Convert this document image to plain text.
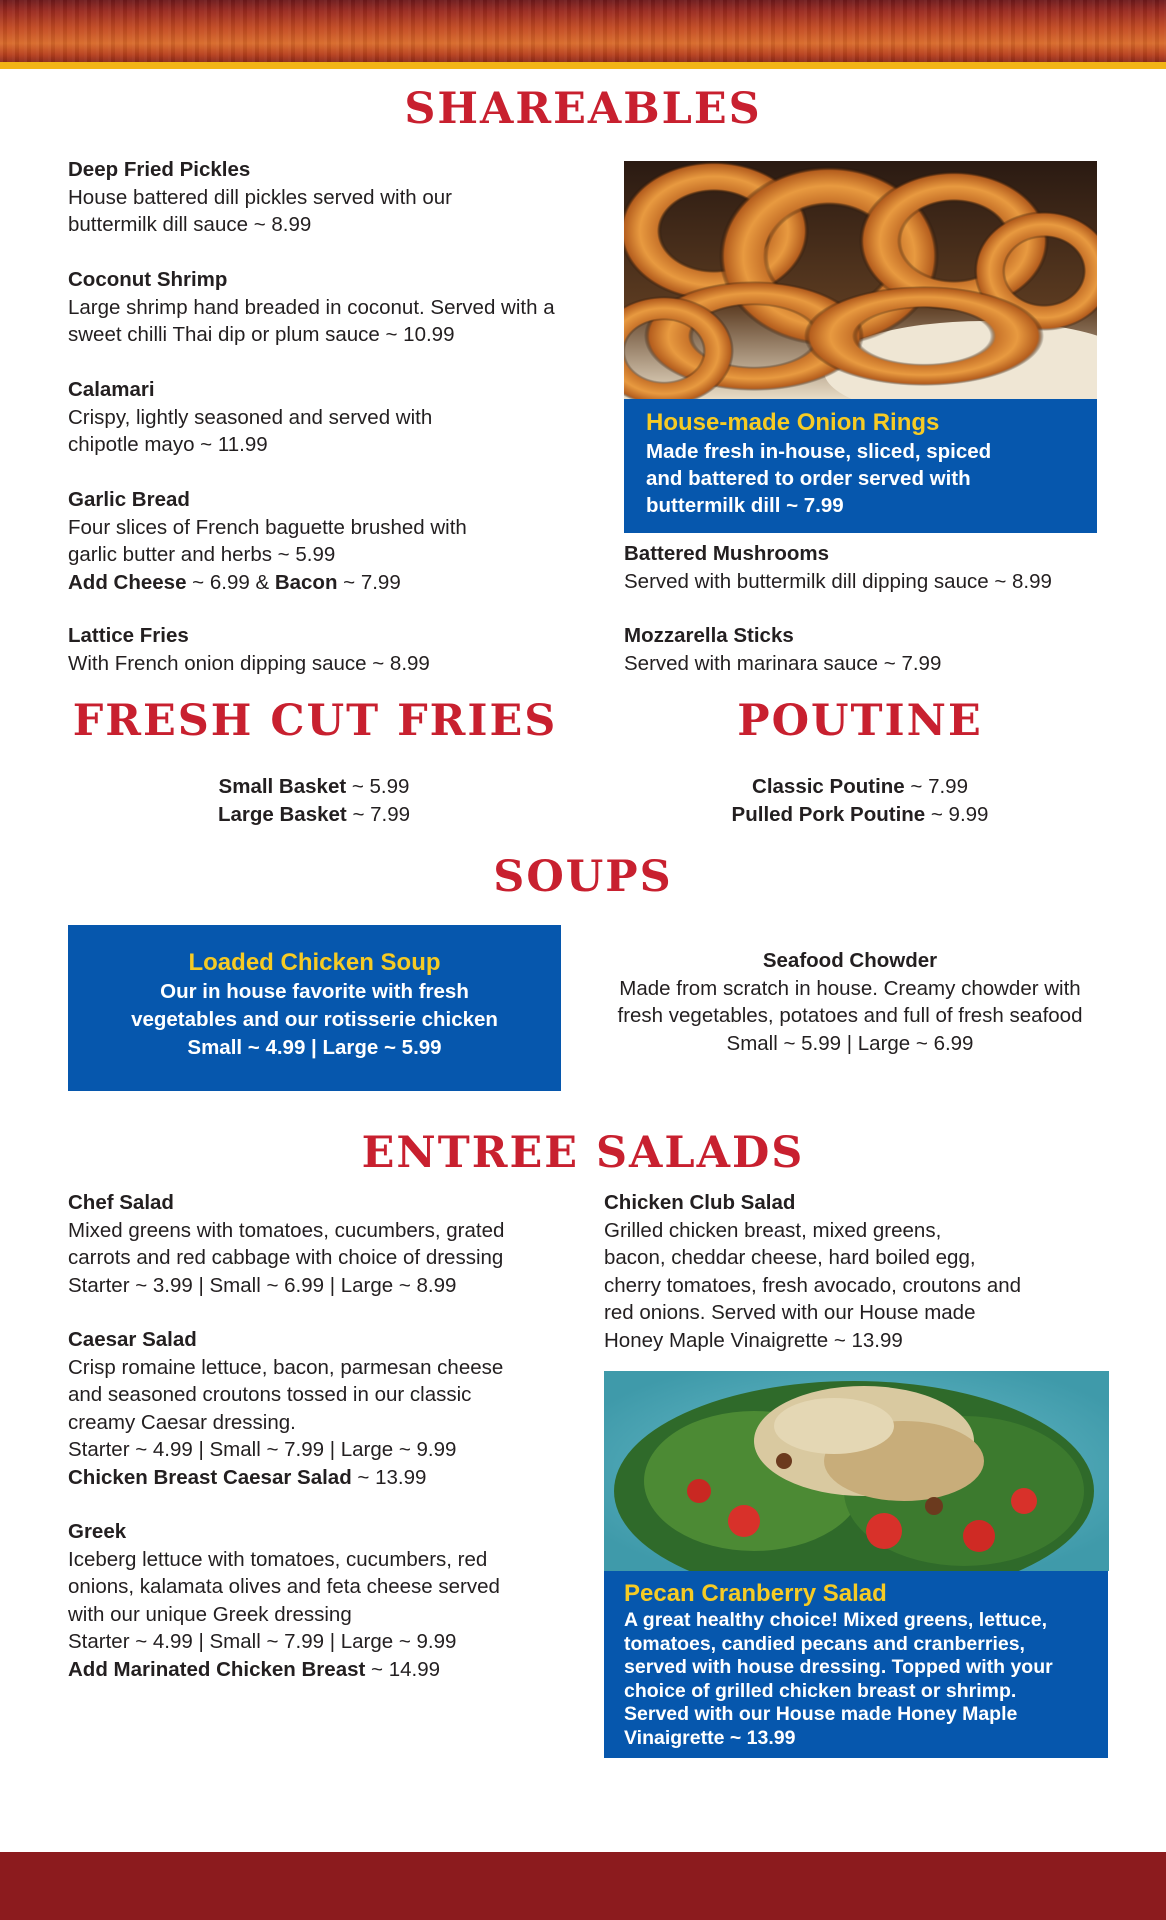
SHAREABLES
Deep Fried Pickles
House battered dill pickles served with our
buttermilk dill sauce ~ 8.99
Coconut Shrimp
Large shrimp hand breaded in coconut. Served with a
sweet chilli Thai dip or plum sauce ~ 10.99
Calamari
Crispy, lightly seasoned and served with
chipotle mayo ~ 11.99
Garlic Bread
Four slices of French baguette brushed with
garlic butter and herbs ~ 5.99
Add Cheese ~ 6.99 & Bacon ~ 7.99
Lattice Fries
With French onion dipping sauce ~ 8.99
House-made Onion Rings
Made fresh in-house, sliced, spiced
and battered to order served with
buttermilk dill ~ 7.99
Battered Mushrooms
Served with buttermilk dill dipping sauce ~ 8.99
Mozzarella Sticks
Served with marinara sauce ~ 7.99
FRESH CUT FRIES	POUTINE
Small Basket ~ 5.99
Large Basket ~ 7.99
Classic Poutine ~ 7.99
Pulled Pork Poutine ~ 9.99
SOUPS
Loaded Chicken Soup
Our in house favorite with fresh
vegetables and our rotisserie chicken
Small ~ 4.99 | Large ~ 5.99
Seafood Chowder
Made from scratch in house. Creamy chowder with
fresh vegetables, potatoes and full of fresh seafood
Small ~ 5.99 | Large ~ 6.99
ENTREE SALADS
Chef Salad
Mixed greens with tomatoes, cucumbers, grated
carrots and red cabbage with choice of dressing
Starter ~ 3.99 | Small ~ 6.99 | Large ~ 8.99
Caesar Salad
Crisp romaine lettuce, bacon, parmesan cheese
and seasoned croutons tossed in our classic
creamy Caesar dressing.
Starter ~ 4.99 | Small ~ 7.99 | Large ~ 9.99
Chicken Breast Caesar Salad ~ 13.99
Greek
Iceberg lettuce with tomatoes, cucumbers, red
onions, kalamata olives and feta cheese served
with our unique Greek dressing
Starter ~ 4.99 | Small ~ 7.99 | Large ~ 9.99
Add Marinated Chicken Breast ~ 14.99
Chicken Club Salad
Grilled chicken breast, mixed greens,
bacon, cheddar cheese, hard boiled egg,
cherry tomatoes, fresh avocado, croutons and
red onions. Served with our House made
Honey Maple Vinaigrette ~ 13.99
Pecan Cranberry Salad
A great healthy choice! Mixed greens, lettuce,
tomatoes, candied pecans and cranberries,
served with house dressing. Topped with your
choice of grilled chicken breast or shrimp.
Served with our House made Honey Maple
Vinaigrette ~ 13.99
